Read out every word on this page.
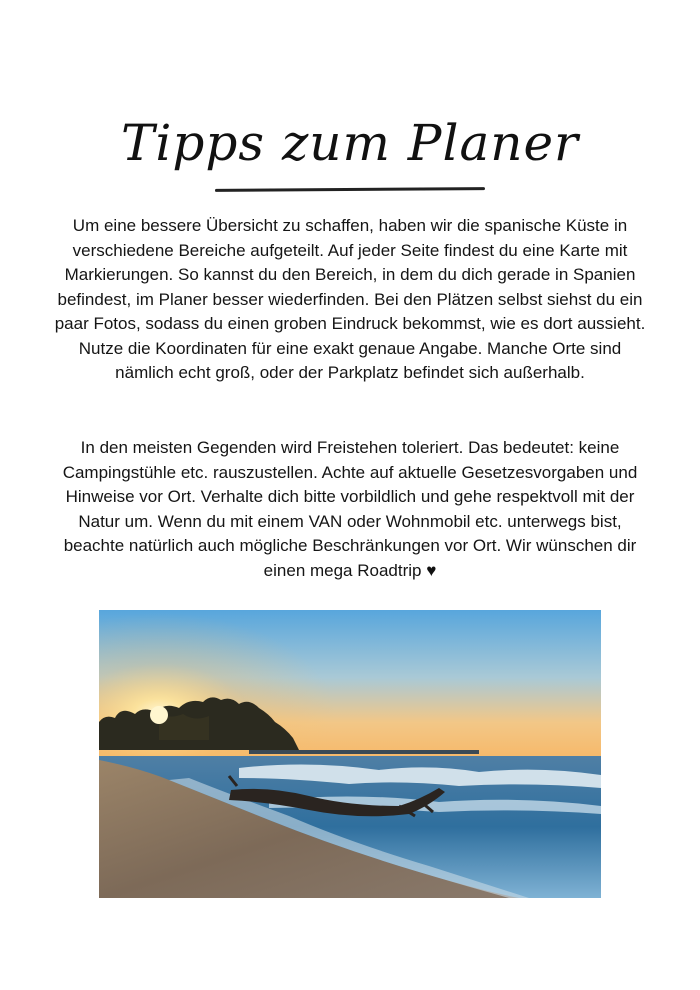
Tipps zum Planer

Um eine bessere Übersicht zu schaffen, haben wir die spanische Küste in verschiedene Bereiche aufgeteilt. Auf jeder Seite findest du eine Karte mit Markierungen. So kannst du den Bereich, in dem du dich gerade in Spanien befindest, im Planer besser wiederfinden. Bei den Plätzen selbst siehst du ein paar Fotos, sodass du einen groben Eindruck bekommst, wie es dort aussieht. Nutze die Koordinaten für eine exakt genaue Angabe. Manche Orte sind nämlich echt groß, oder der Parkplatz befindet sich außerhalb.

In den meisten Gegenden wird Freistehen toleriert. Das bedeutet: keine Campingstühle etc. rauszustellen. Achte auf aktuelle Gesetzesvorgaben und Hinweise vor Ort. Verhalte dich bitte vorbildlich und gehe respektvoll mit der Natur um. Wenn du mit einem VAN oder Wohnmobil etc. unterwegs bist, beachte natürlich auch mögliche Beschränkungen vor Ort. Wir wünschen dir einen mega Roadtrip ♥
